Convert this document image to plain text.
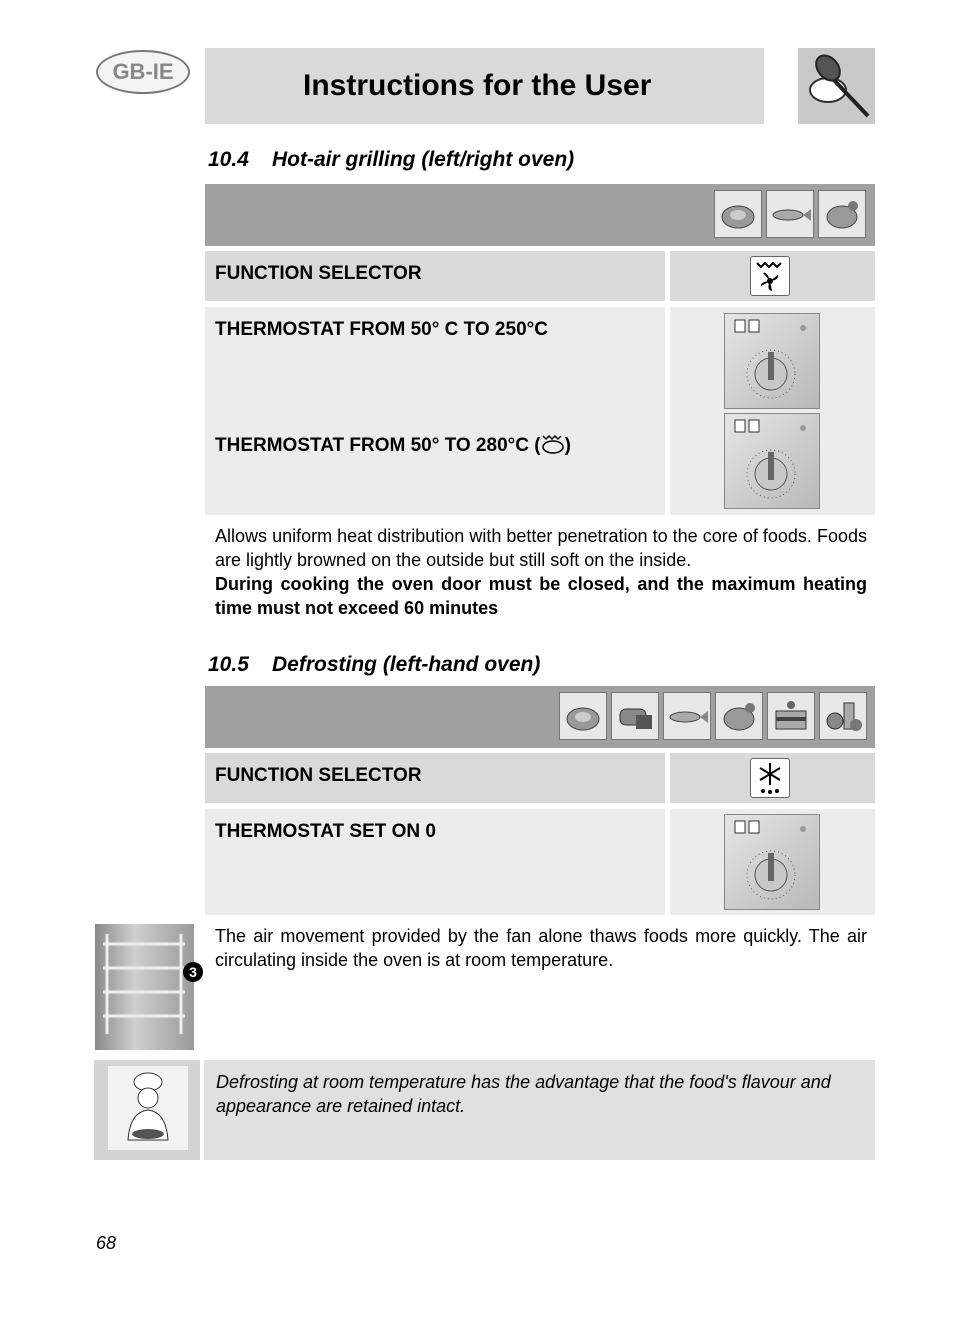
GB-IE	Instructions for the User
10.4 Hot-air grilling (left/right oven)
FUNCTION SELECTOR
THERMOSTAT FROM 50° C TO 250°C
THERMOSTAT FROM 50° TO 280°C ( )
Allows uniform heat distribution with better penetration to the core of foods. Foods are lightly browned on the outside but still soft on the inside.
During cooking the oven door must be closed, and the maximum heating time must not exceed 60 minutes
10.5 Defrosting (left-hand oven)
FUNCTION SELECTOR
THERMOSTAT SET ON 0
3
The air movement provided by the fan alone thaws foods more quickly. The air circulating inside the oven is at room temperature.
Defrosting at room temperature has the advantage that the food's flavour and appearance are retained intact.
68
